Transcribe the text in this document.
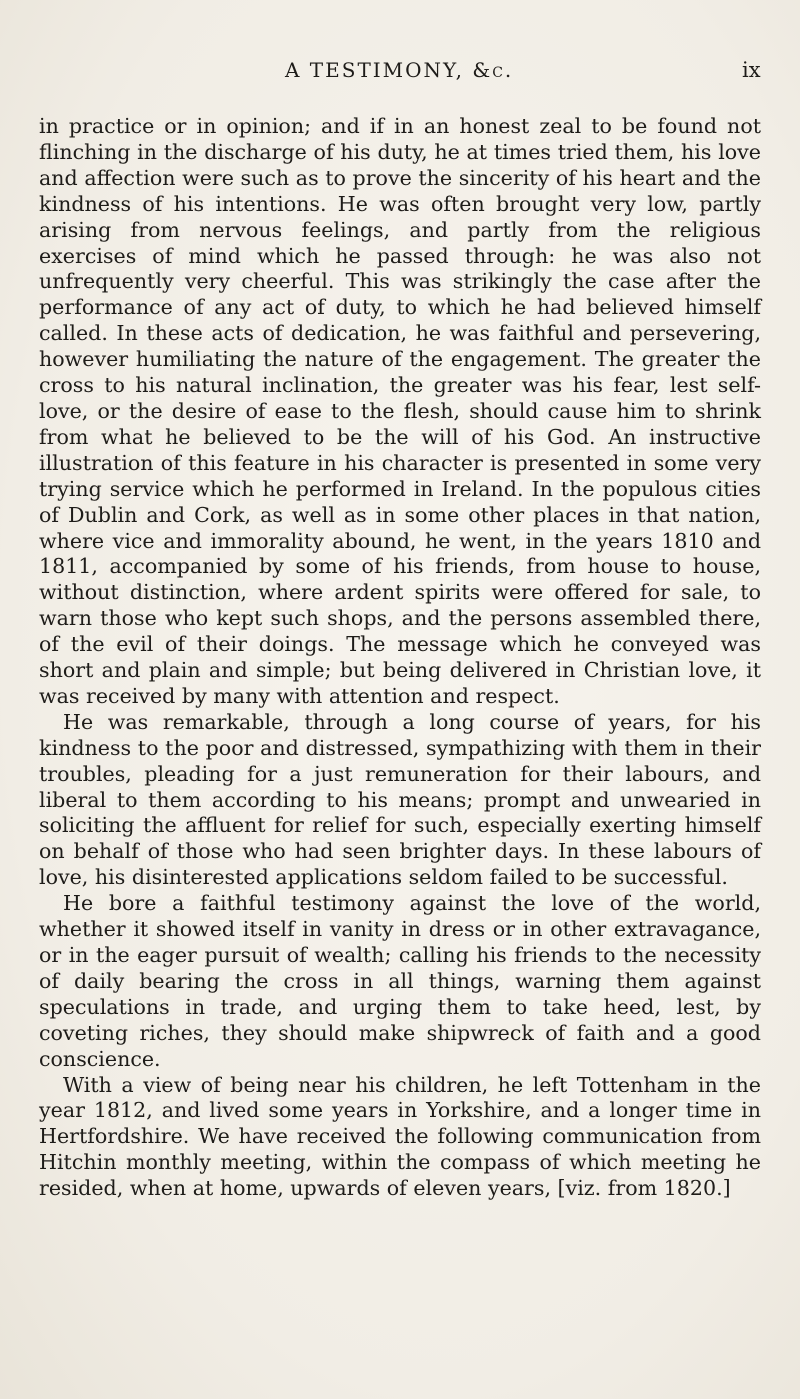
A TESTIMONY, &c.	ix

in practice or in opinion; and if in an honest zeal to be found not flinching in the discharge of his duty, he at times tried them, his love and affection were such as to prove the sincerity of his heart and the kindness of his intentions. He was often brought very low, partly arising from nervous feelings, and partly from the religious exercises of mind which he passed through: he was also not unfrequently very cheerful. This was strikingly the case after the performance of any act of duty, to which he had believed himself called. In these acts of dedication, he was faithful and persevering, however humiliating the nature of the engagement. The greater the cross to his natural inclination, the greater was his fear, lest self-love, or the desire of ease to the flesh, should cause him to shrink from what he believed to be the will of his God. An instructive illustration of this feature in his character is presented in some very trying service which he performed in Ireland. In the populous cities of Dublin and Cork, as well as in some other places in that nation, where vice and immorality abound, he went, in the years 1810 and 1811, accompanied by some of his friends, from house to house, without distinction, where ardent spirits were offered for sale, to warn those who kept such shops, and the persons assembled there, of the evil of their doings. The message which he conveyed was short and plain and simple; but being delivered in Christian love, it was received by many with attention and respect.

He was remarkable, through a long course of years, for his kindness to the poor and distressed, sympathizing with them in their troubles, pleading for a just remuneration for their labours, and liberal to them according to his means; prompt and unwearied in soliciting the affluent for relief for such, especially exerting himself on behalf of those who had seen brighter days. In these labours of love, his disinterested applications seldom failed to be successful.

He bore a faithful testimony against the love of the world, whether it showed itself in vanity in dress or in other extravagance, or in the eager pursuit of wealth; calling his friends to the necessity of daily bearing the cross in all things, warning them against speculations in trade, and urging them to take heed, lest, by coveting riches, they should make shipwreck of faith and a good conscience.

With a view of being near his children, he left Tottenham in the year 1812, and lived some years in Yorkshire, and a longer time in Hertfordshire. We have received the following communication from Hitchin monthly meeting, within the compass of which meeting he resided, when at home, upwards of eleven years, [viz. from 1820.]
